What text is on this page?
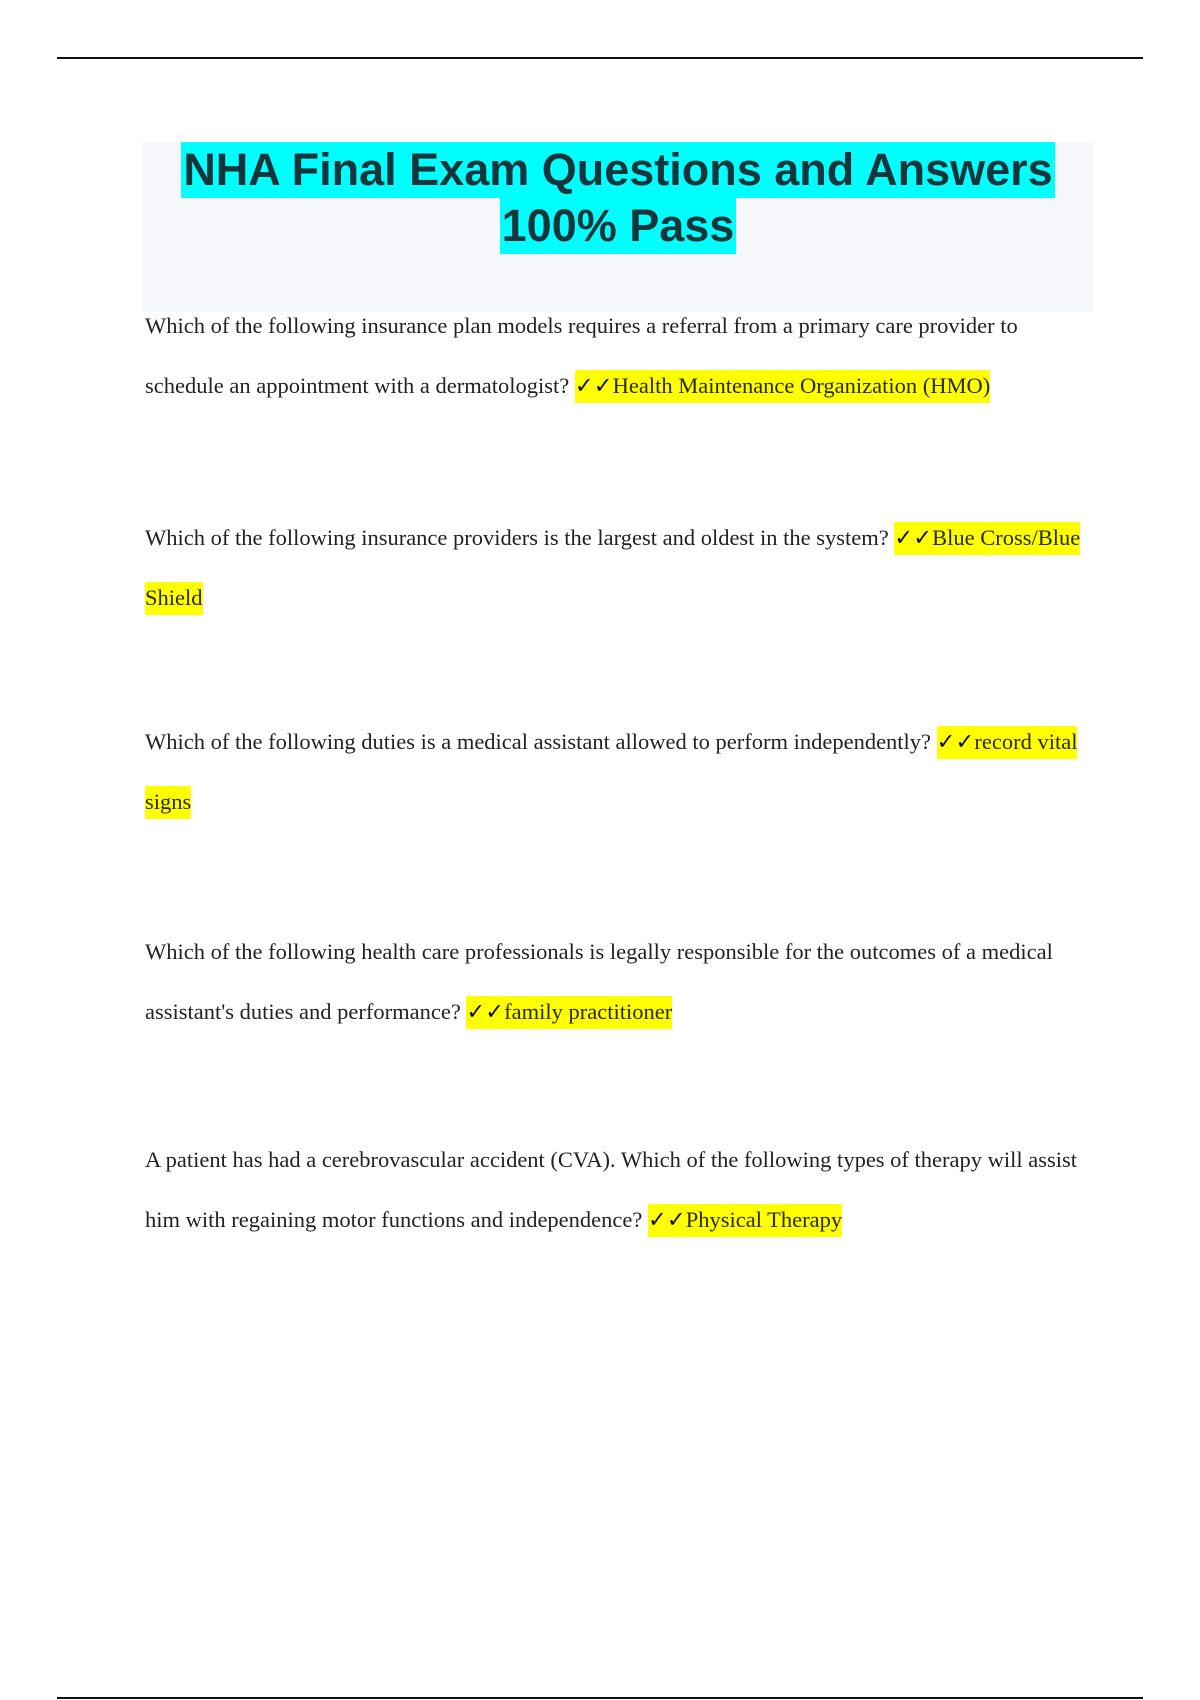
NHA Final Exam Questions and Answers
100% Pass
Which of the following insurance plan models requires a referral from a primary care provider to schedule an appointment with a dermatologist? ✓✓Health Maintenance Organization (HMO)
Which of the following insurance providers is the largest and oldest in the system? ✓✓Blue Cross/Blue Shield
Which of the following duties is a medical assistant allowed to perform independently? ✓✓record vital signs
Which of the following health care professionals is legally responsible for the outcomes of a medical assistant's duties and performance? ✓✓family practitioner
A patient has had a cerebrovascular accident (CVA). Which of the following types of therapy will assist him with regaining motor functions and independence? ✓✓Physical Therapy
